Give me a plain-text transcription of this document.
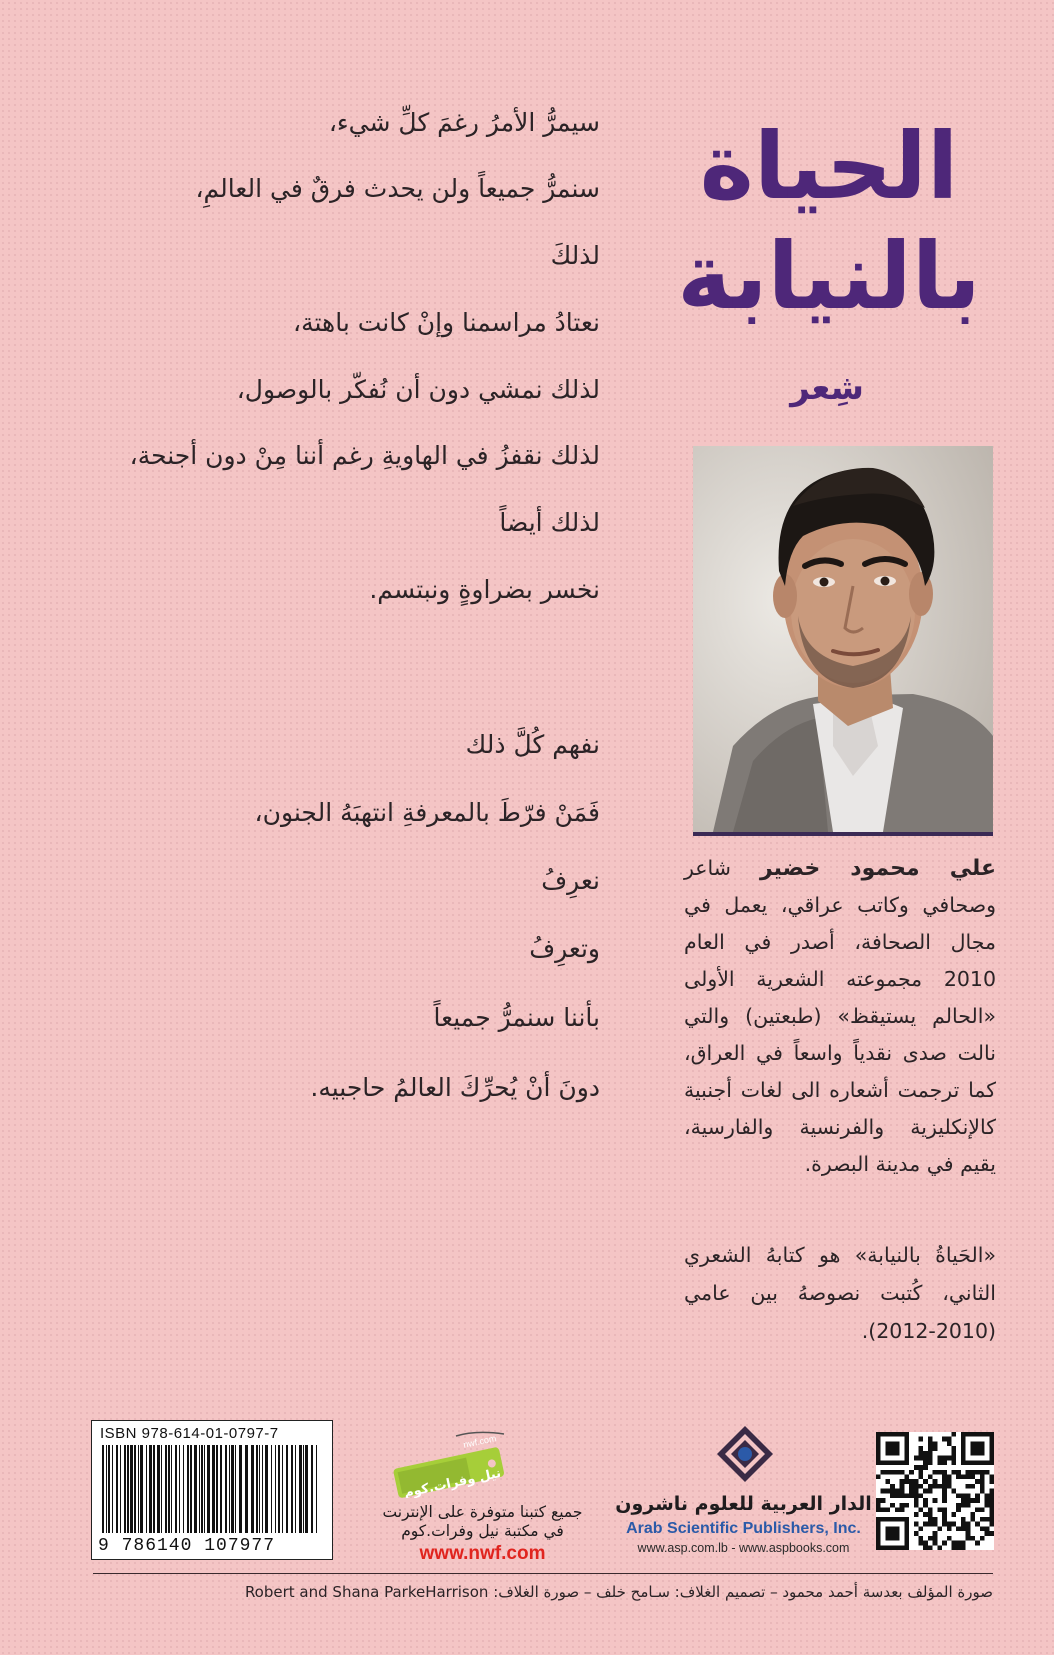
سيمرُّ الأمرُ رغمَ كلِّ شيء،
سنمرُّ جميعاً ولن يحدث فرقٌ في العالمِ،
لذلكَ
نعتادُ مراسمنا وإنْ كانت باهتة،
لذلك نمشي دون أن نُفكّر بالوصول،
لذلك نقفزُ في الهاويةِ رغم أننا مِنْ دون أجنحة،
لذلك أيضاً
نخسر بضراوةٍ ونبتسم.
نفهم كُلَّ ذلك
فَمَنْ فرّطَ بالمعرفةِ انتهبَهُ الجنون،
نعرِفُ
وتعرِفُ
بأننا سنمرُّ جميعاً
دونَ أنْ يُحرِّكَ العالمُ حاجبيه.
الحياة
بالنيابة
شِعر
علي محمود خضير شاعر وصحافي وكاتب عراقي، يعمل في مجال الصحافة، أصدر في العام 2010 مجموعته الشعرية الأولى «الحالم يستيقظ» (طبعتين) والتي نالت صدى نقدياً واسعاً في العراق، كما ترجمت أشعاره الى لغات أجنبية كالإنكليزية والفرنسية والفارسية، يقيم في مدينة البصرة.
«الحَياةُ بالنيابة» هو كتابهُ الشعري الثاني، كُتبت نصوصهُ بين عامي (2010-2012).
ISBN 978-614-01-0797-7
9 786140 107977
نيل وفرات.كوم
nwf.com
جميع كتبنا متوفرة على الإنترنت
في مكتبة نيل وفرات.كوم
www.nwf.com
الدار العربية للعلوم ناشرون
Arab Scientific Publishers, Inc.
www.asp.com.lb - www.aspbooks.com
صورة المؤلف بعدسة أحمد محمود – تصميم الغلاف: سـامح خلف – صورة الغلاف: Robert and Shana ParkeHarrison
